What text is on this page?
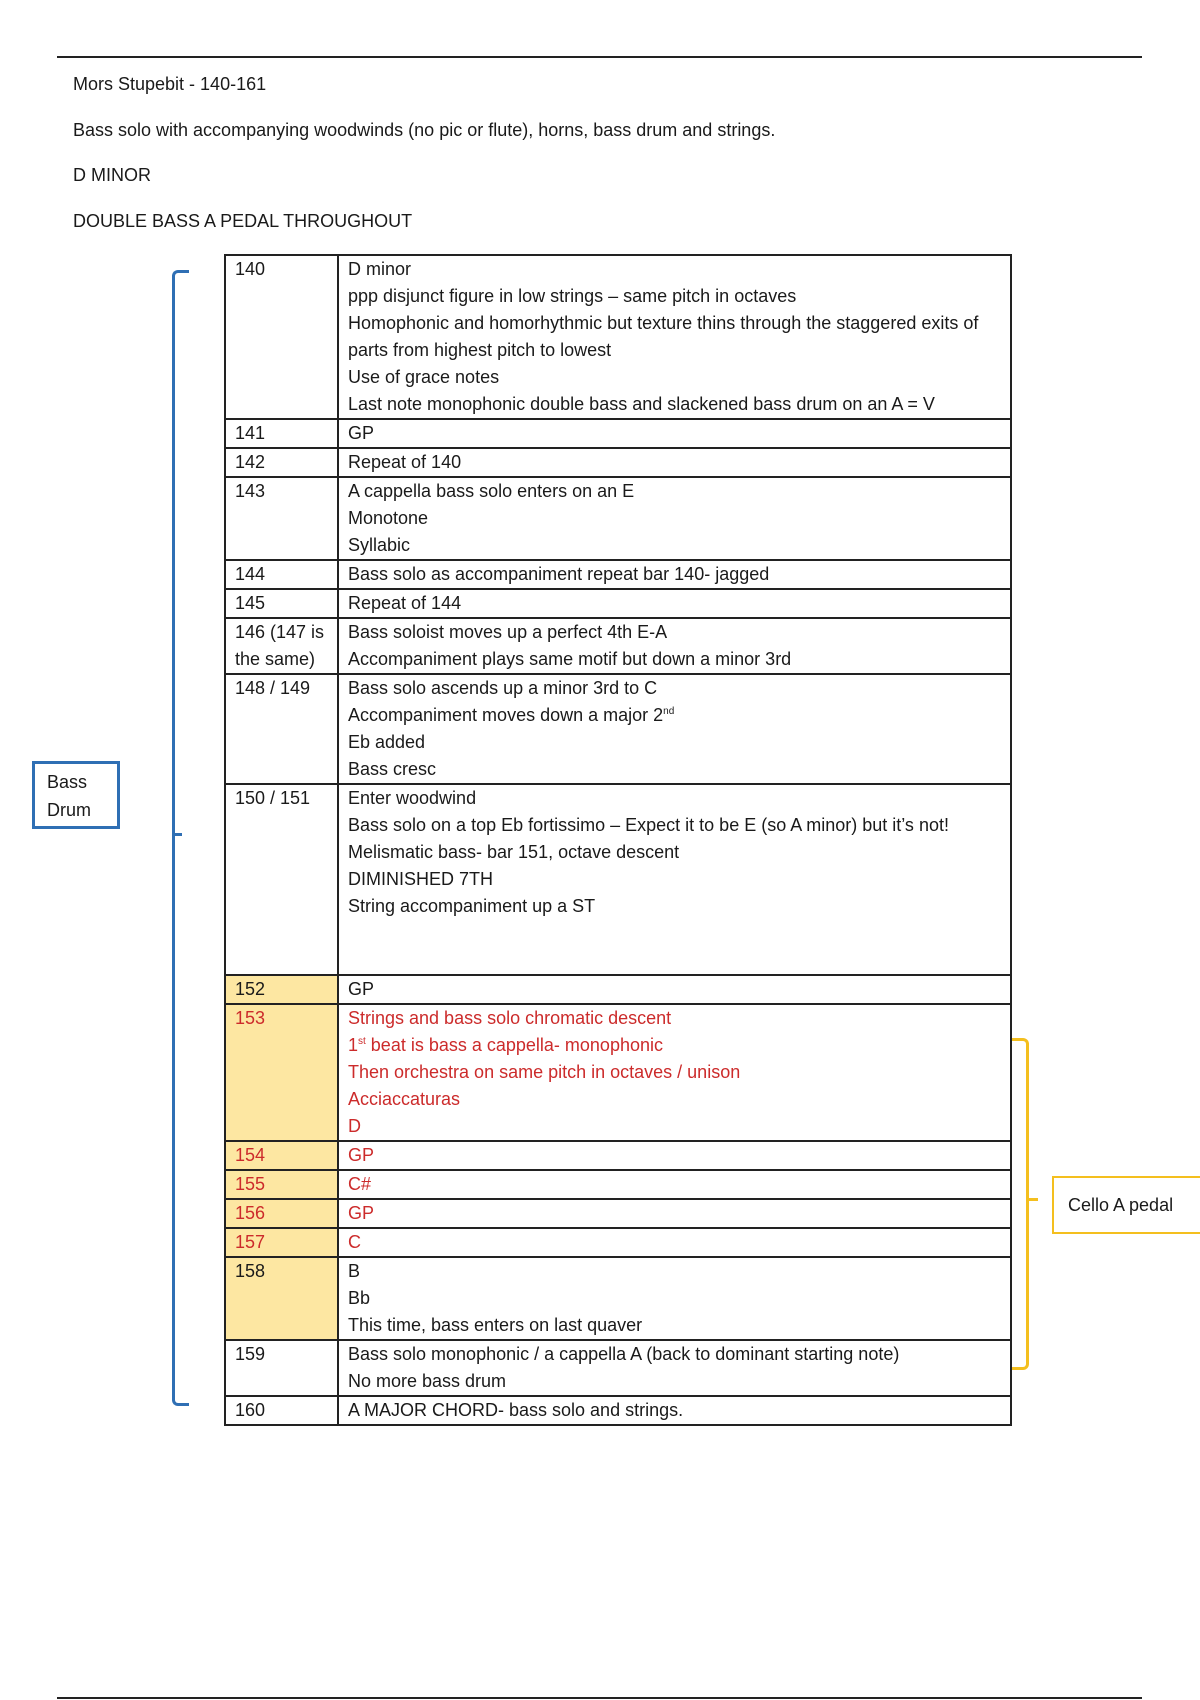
Mors Stupebit - 140-161
Bass solo with accompanying woodwinds (no pic or flute), horns, bass drum and strings.
D MINOR
DOUBLE BASS A PEDAL THROUGHOUT
Bass
Drum
140	D minor
ppp disjunct figure in low strings – same pitch in octaves
Homophonic and homorhythmic but texture thins through the staggered exits of parts from highest pitch to lowest
Use of grace notes
Last note monophonic double bass and slackened bass drum on an A = V

141	GP

142	Repeat of 140

143	A cappella bass solo enters on an E
Monotone
Syllabic

144	Bass solo as accompaniment repeat bar 140- jagged

145	Repeat of 144

146 (147 is the same)	Bass soloist moves up a perfect 4th E-A
Accompaniment plays same motif but down a minor 3rd

148 / 149	Bass solo ascends up a minor 3rd to C
Accompaniment moves down a major 2nd
Eb added
Bass cresc

150 / 151	Enter woodwind
Bass solo on a top Eb fortissimo – Expect it to be E (so A minor) but it’s not!
Melismatic bass- bar 151, octave descent
DIMINISHED 7TH
String accompaniment up a ST

152	GP

153	Strings and bass solo chromatic descent
1st beat is bass a cappella- monophonic
Then orchestra on same pitch in octaves / unison
Acciaccaturas
D

154	GP

155	C#

156	GP

157	C

158	B
Bb
This time, bass enters on last quaver

159	Bass solo monophonic / a cappella A (back to dominant starting note)
No more bass drum

160	A MAJOR CHORD- bass solo and strings.
Cello A pedal
